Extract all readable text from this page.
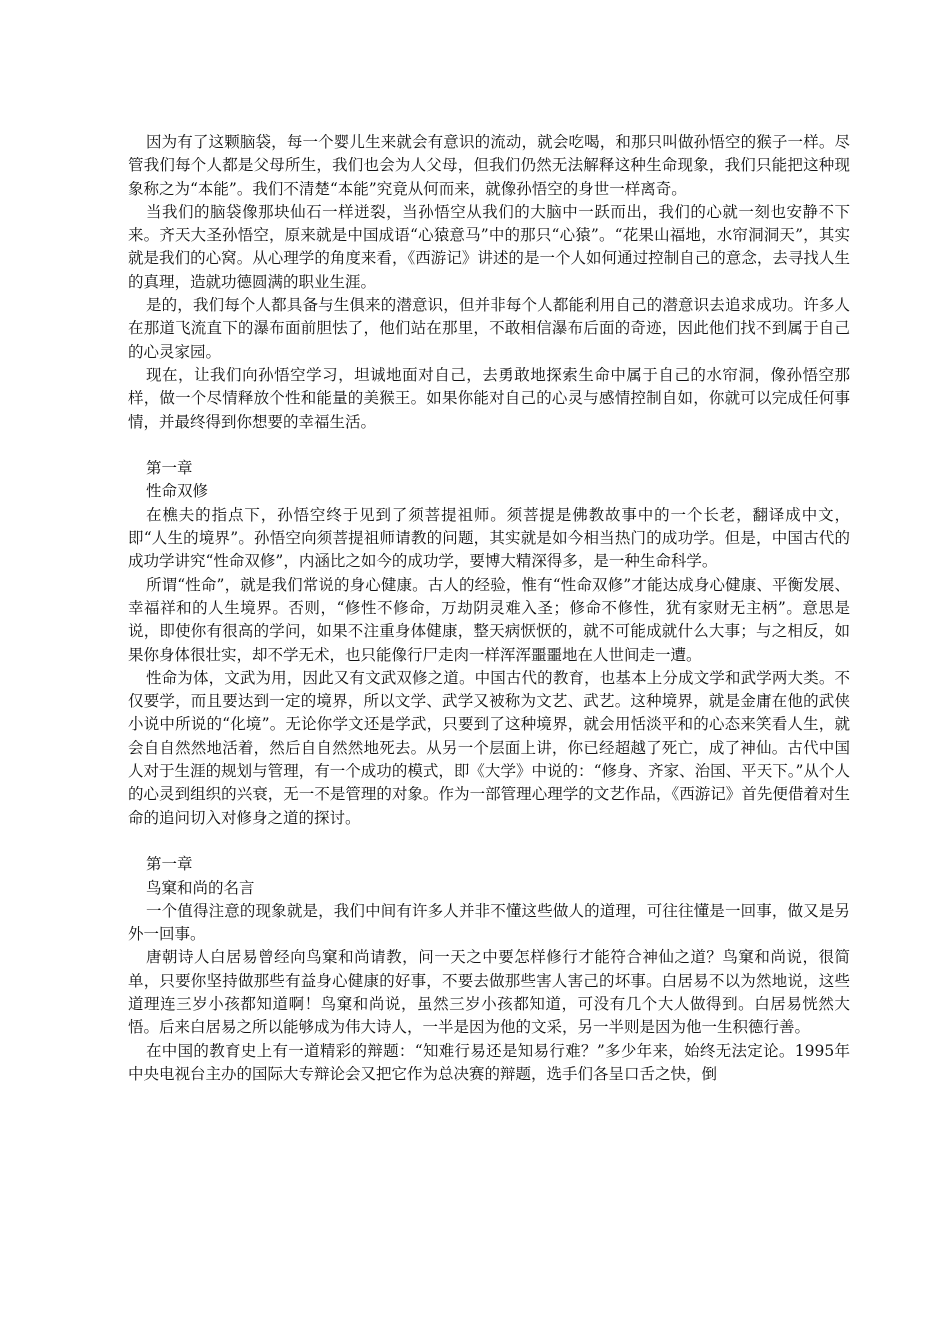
因为有了这颗脑袋，每一个婴儿生来就会有意识的流动，就会吃喝，和那只叫做孙悟空的猴子一样。尽管我们每个人都是父母所生，我们也会为人父母，但我们仍然无法解释这种生命现象，我们只能把这种现象称之为“本能”。我们不清楚“本能”究竟从何而来，就像孙悟空的身世一样离奇。

当我们的脑袋像那块仙石一样迸裂，当孙悟空从我们的大脑中一跃而出，我们的心就一刻也安静不下来。齐天大圣孙悟空，原来就是中国成语“心猿意马”中的那只“心猿”。“花果山福地，水帘洞洞天”，其实就是我们的心窝。从心理学的角度来看，《西游记》讲述的是一个人如何通过控制自己的意念，去寻找人生的真理，造就功德圆满的职业生涯。

是的，我们每个人都具备与生俱来的潜意识，但并非每个人都能利用自己的潜意识去追求成功。许多人在那道飞流直下的瀑布面前胆怯了，他们站在那里，不敢相信瀑布后面的奇迹，因此他们找不到属于自己的心灵家园。

现在，让我们向孙悟空学习，坦诚地面对自己，去勇敢地探索生命中属于自己的水帘洞，像孙悟空那样，做一个尽情释放个性和能量的美猴王。如果你能对自己的心灵与感情控制自如，你就可以完成任何事情，并最终得到你想要的幸福生活。

第一章

性命双修

在樵夫的指点下，孙悟空终于见到了须菩提祖师。须菩提是佛教故事中的一个长老，翻译成中文，即“人生的境界”。孙悟空向须菩提祖师请教的问题，其实就是如今相当热门的成功学。但是，中国古代的成功学讲究“性命双修”，内涵比之如今的成功学，要博大精深得多，是一种生命科学。

所谓“性命”，就是我们常说的身心健康。古人的经验，惟有“性命双修”才能达成身心健康、平衡发展、幸福祥和的人生境界。否则，“修性不修命，万劫阴灵难入圣；修命不修性，犹有家财无主柄”。意思是说，即使你有很高的学问，如果不注重身体健康，整天病恹恹的，就不可能成就什么大事；与之相反，如果你身体很壮实，却不学无术，也只能像行尸走肉一样浑浑噩噩地在人世间走一遭。

性命为体，文武为用，因此又有文武双修之道。中国古代的教育，也基本上分成文学和武学两大类。不仅要学，而且要达到一定的境界，所以文学、武学又被称为文艺、武艺。这种境界，就是金庸在他的武侠小说中所说的“化境”。无论你学文还是学武，只要到了这种境界，就会用恬淡平和的心态来笑看人生，就会自自然然地活着，然后自自然然地死去。从另一个层面上讲，你已经超越了死亡，成了神仙。古代中国人对于生涯的规划与管理，有一个成功的模式，即《大学》中说的：“修身、齐家、治国、平天下。”从个人的心灵到组织的兴衰，无一不是管理的对象。作为一部管理心理学的文艺作品，《西游记》首先便借着对生命的追问切入对修身之道的探讨。

第一章

鸟窠和尚的名言

一个值得注意的现象就是，我们中间有许多人并非不懂这些做人的道理，可往往懂是一回事，做又是另外一回事。

唐朝诗人白居易曾经向鸟窠和尚请教，问一天之中要怎样修行才能符合神仙之道？鸟窠和尚说，很简单，只要你坚持做那些有益身心健康的好事，不要去做那些害人害己的坏事。白居易不以为然地说，这些道理连三岁小孩都知道啊！鸟窠和尚说，虽然三岁小孩都知道，可没有几个大人做得到。白居易恍然大悟。后来白居易之所以能够成为伟大诗人，一半是因为他的文采，另一半则是因为他一生积德行善。

在中国的教育史上有一道精彩的辩题：“知难行易还是知易行难？”多少年来，始终无法定论。1995年中央电视台主办的国际大专辩论会又把它作为总决赛的辩题，选手们各呈口舌之快，倒
